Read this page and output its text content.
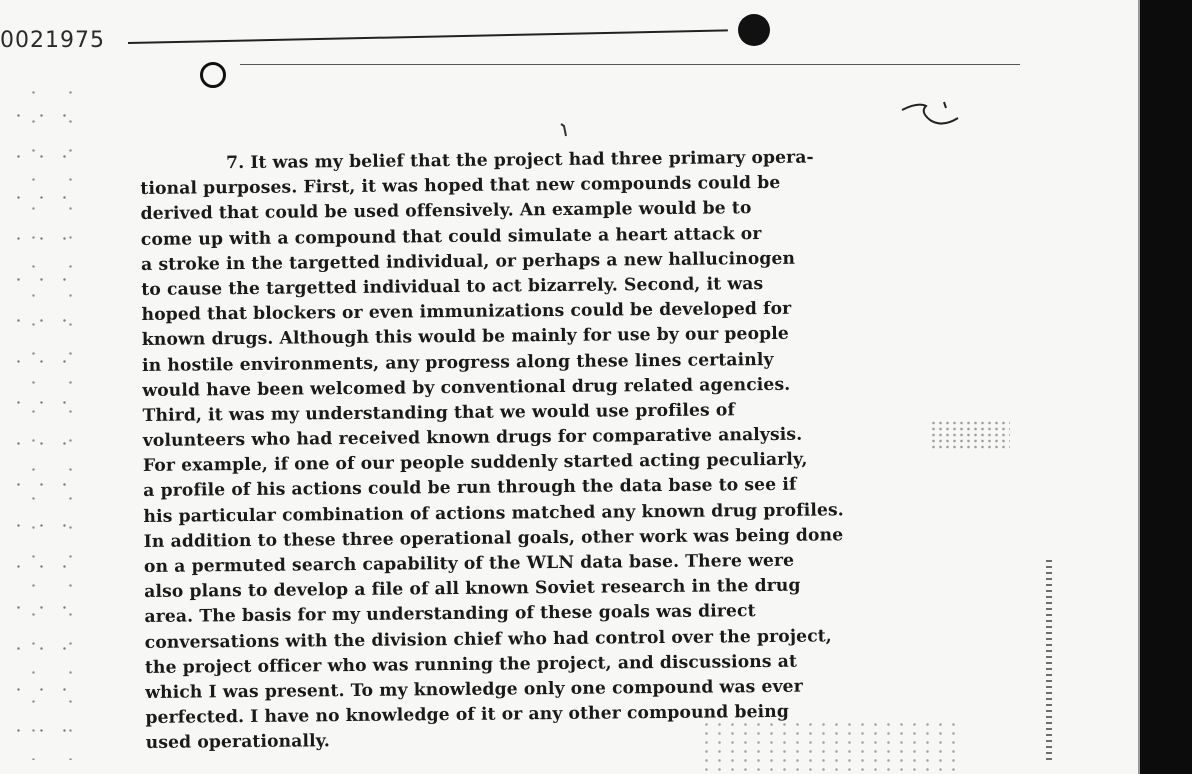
0021975
7. It was my belief that the project had three primary opera-
tional purposes. First, it was hoped that new compounds could be
derived that could be used offensively. An example would be to
come up with a compound that could simulate a heart attack or
a stroke in the targetted individual, or perhaps a new hallucinogen
to cause the targetted individual to act bizarrely. Second, it was
hoped that blockers or even immunizations could be developed for
known drugs. Although this would be mainly for use by our people
in hostile environments, any progress along these lines certainly
would have been welcomed by conventional drug related agencies.
Third, it was my understanding that we would use profiles of
volunteers who had received known drugs for comparative analysis.
For example, if one of our people suddenly started acting peculiarly,
a profile of his actions could be run through the data base to see if
his particular combination of actions matched any known drug profiles.
In addition to these three operational goals, other work was being done
on a permuted search capability of the WLN data base. There were
also plans to develop a file of all known Soviet research in the drug
area. The basis for my understanding of these goals was direct
conversations with the division chief who had control over the project,
the project officer who was running the project, and discussions at
which I was present. To my knowledge only one compound was ever
perfected. I have no knowledge of it or any other compound being
used operationally.
